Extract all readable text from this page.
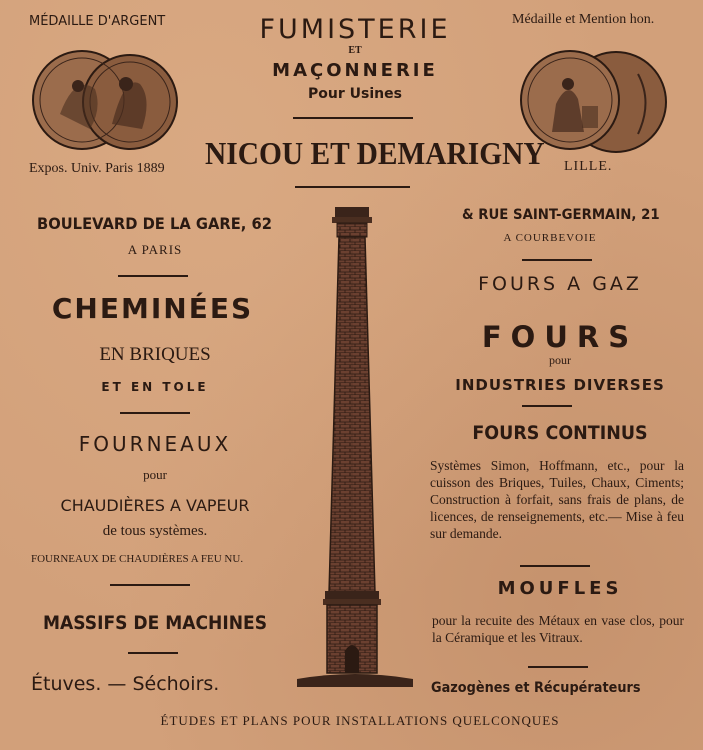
MÉDAILLE D'ARGENT	Médaille et Mention hon.
FUMISTERIE
ET
MAÇONNERIE
Pour Usines
Expos. Univ. Paris 1889 NICOU ET DEMARIGNY LILLE.
BOULEVARD DE LA GARE, 62
A PARIS
CHEMINÉES
EN BRIQUES
ET EN TOLE
FOURNEAUX
pour
CHAUDIÈRES A VAPEUR
de tous systèmes.
FOURNEAUX DE CHAUDIÈRES A FEU NU.
MASSIFS DE MACHINES
Étuves. — Séchoirs.
& RUE SAINT-GERMAIN, 21
A COURBEVOIE
FOURS A GAZ
FOURS
pour
INDUSTRIES DIVERSES
FOURS CONTINUS
Systèmes Simon, Hoffmann, etc., pour la cuisson des Briques, Tuiles, Chaux, Ciments; Construction à forfait, sans frais de plans, de licences, de renseignements, etc.— Mise à feu sur demande.
MOUFLES
pour la recuite des Métaux en vase clos, pour la Céramique et les Vitraux.
Gazogènes et Récupérateurs
ÉTUDES ET PLANS POUR INSTALLATIONS QUELCONQUES
